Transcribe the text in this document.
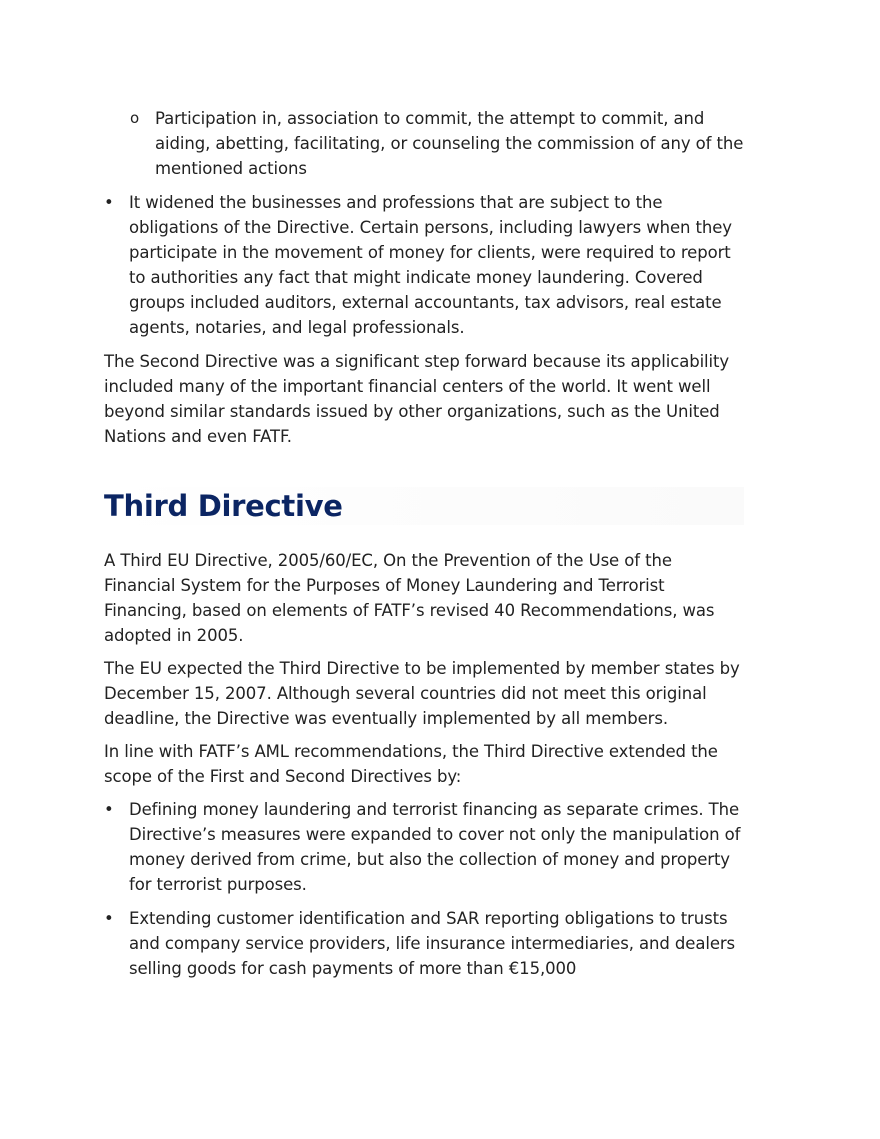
o Participation in, association to commit, the attempt to commit, and aiding, abetting, facilitating, or counseling the commission of any of the mentioned actions
• It widened the businesses and professions that are subject to the obligations of the Directive. Certain persons, including lawyers when they participate in the movement of money for clients, were required to report to authorities any fact that might indicate money laundering. Covered groups included auditors, external accountants, tax advisors, real estate agents, notaries, and legal professionals.

The Second Directive was a significant step forward because its applicability included many of the important financial centers of the world. It went well beyond similar standards issued by other organizations, such as the United Nations and even FATF.

Third Directive

A Third EU Directive, 2005/60/EC, On the Prevention of the Use of the Financial System for the Purposes of Money Laundering and Terrorist Financing, based on elements of FATF’s revised 40 Recommendations, was adopted in 2005.

The EU expected the Third Directive to be implemented by member states by December 15, 2007. Although several countries did not meet this original deadline, the Directive was eventually implemented by all members.

In line with FATF’s AML recommendations, the Third Directive extended the scope of the First and Second Directives by:

• Defining money laundering and terrorist financing as separate crimes. The Directive’s measures were expanded to cover not only the manipulation of money derived from crime, but also the collection of money and property for terrorist purposes.
• Extending customer identification and SAR reporting obligations to trusts and company service providers, life insurance intermediaries, and dealers selling goods for cash payments of more than €15,000
